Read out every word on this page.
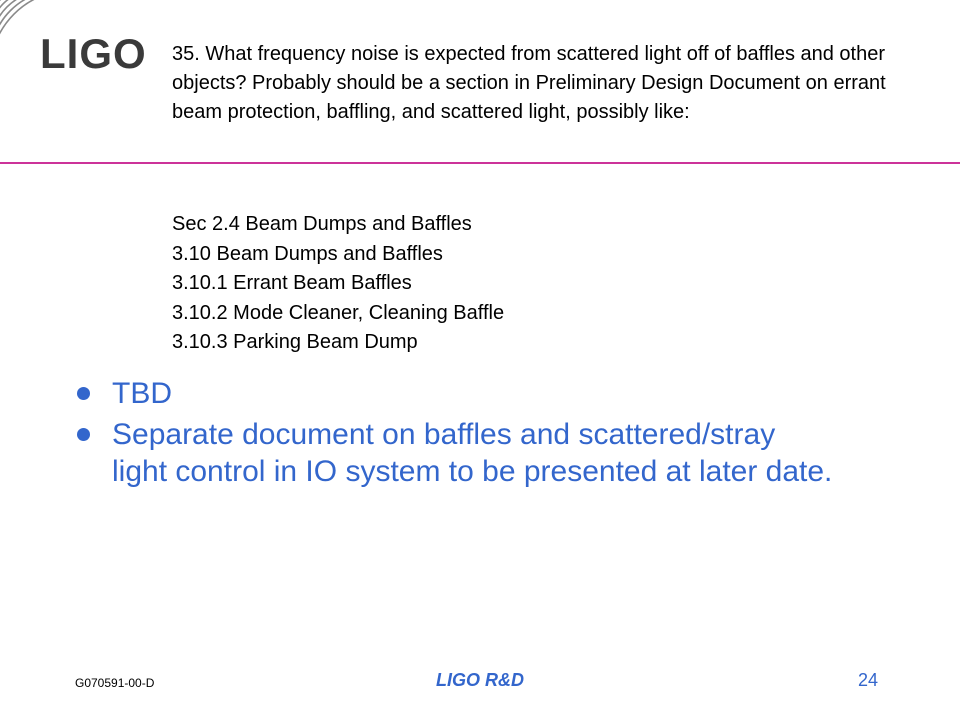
LIGO 35. What frequency noise is expected from scattered light off of baffles and other objects? Probably should be a section in Preliminary Design Document on errant beam protection, baffling, and scattered light, possibly like:
Sec 2.4 Beam Dumps and Baffles
3.10 Beam Dumps and Baffles
3.10.1 Errant Beam Baffles
3.10.2 Mode Cleaner, Cleaning Baffle
3.10.3 Parking Beam Dump
TBD
Separate document on baffles and scattered/stray light control in IO system to be presented at later date.
G070591-00-D	LIGO R&D	24
